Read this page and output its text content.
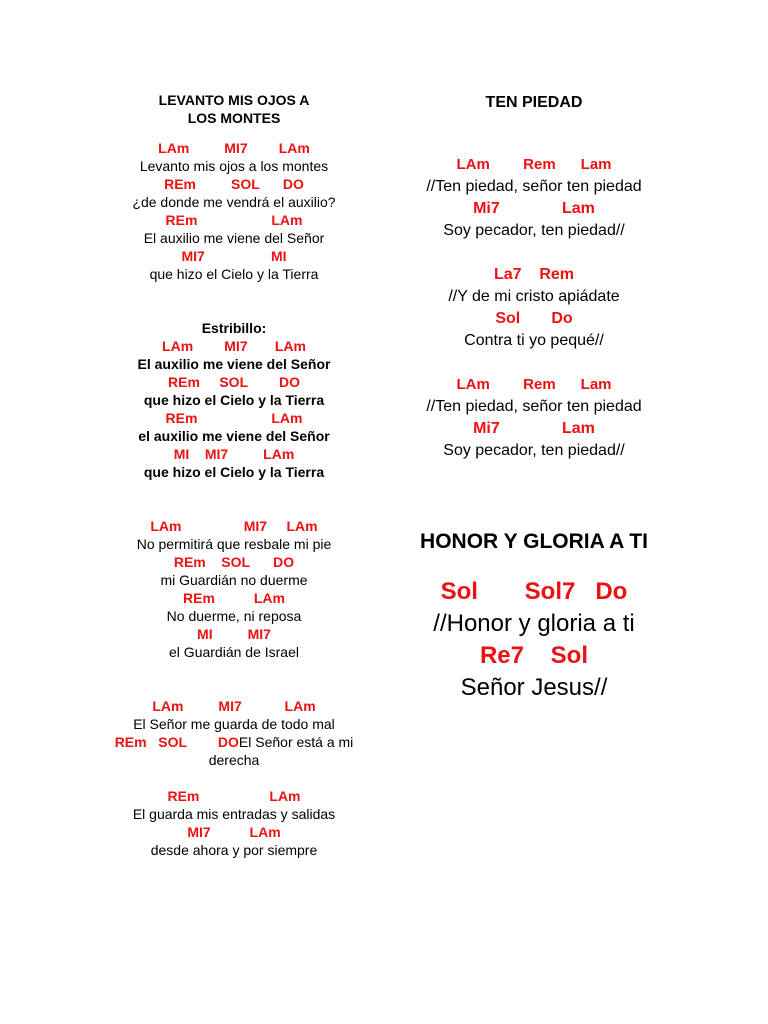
LEVANTO MIS OJOS A

LOS MONTES

LAm         MI7        LAm

Levanto mis ojos a los montes

REm         SOL      DO

¿de donde me vendrá el auxilio?

REm                   LAm

El auxilio me viene del Señor

MI7                 MI

que hizo el Cielo y la Tierra

Estribillo:

LAm        MI7       LAm

El auxilio me viene del Señor

REm     SOL        DO

que hizo el Cielo y la Tierra

REm                   LAm

el auxilio me viene del Señor

MI    MI7         LAm

que hizo el Cielo y la Tierra

LAm                MI7     LAm

No permitirá que resbale mi pie

REm    SOL      DO

mi Guardián no duerme

REm          LAm

No duerme, ni reposa

MI         MI7

el Guardián de Israel

LAm         MI7           LAm

El Señor me guarda de todo mal

REm   SOL        DOEl Señor está a mi

derecha

REm                  LAm

El guarda mis entradas y salidas

MI7          LAm

desde ahora y por siempre

TEN PIEDAD

LAm        Rem      Lam

//Ten piedad, señor ten piedad

Mi7              Lam

Soy pecador, ten piedad//

La7    Rem

//Y de mi cristo apiádate

Sol       Do

Contra ti yo pequé//

LAm        Rem      Lam

//Ten piedad, señor ten piedad

Mi7              Lam

Soy pecador, ten piedad//

HONOR Y GLORIA A TI

Sol       Sol7   Do

//Honor y gloria a ti

Re7    Sol

Señor Jesus//
